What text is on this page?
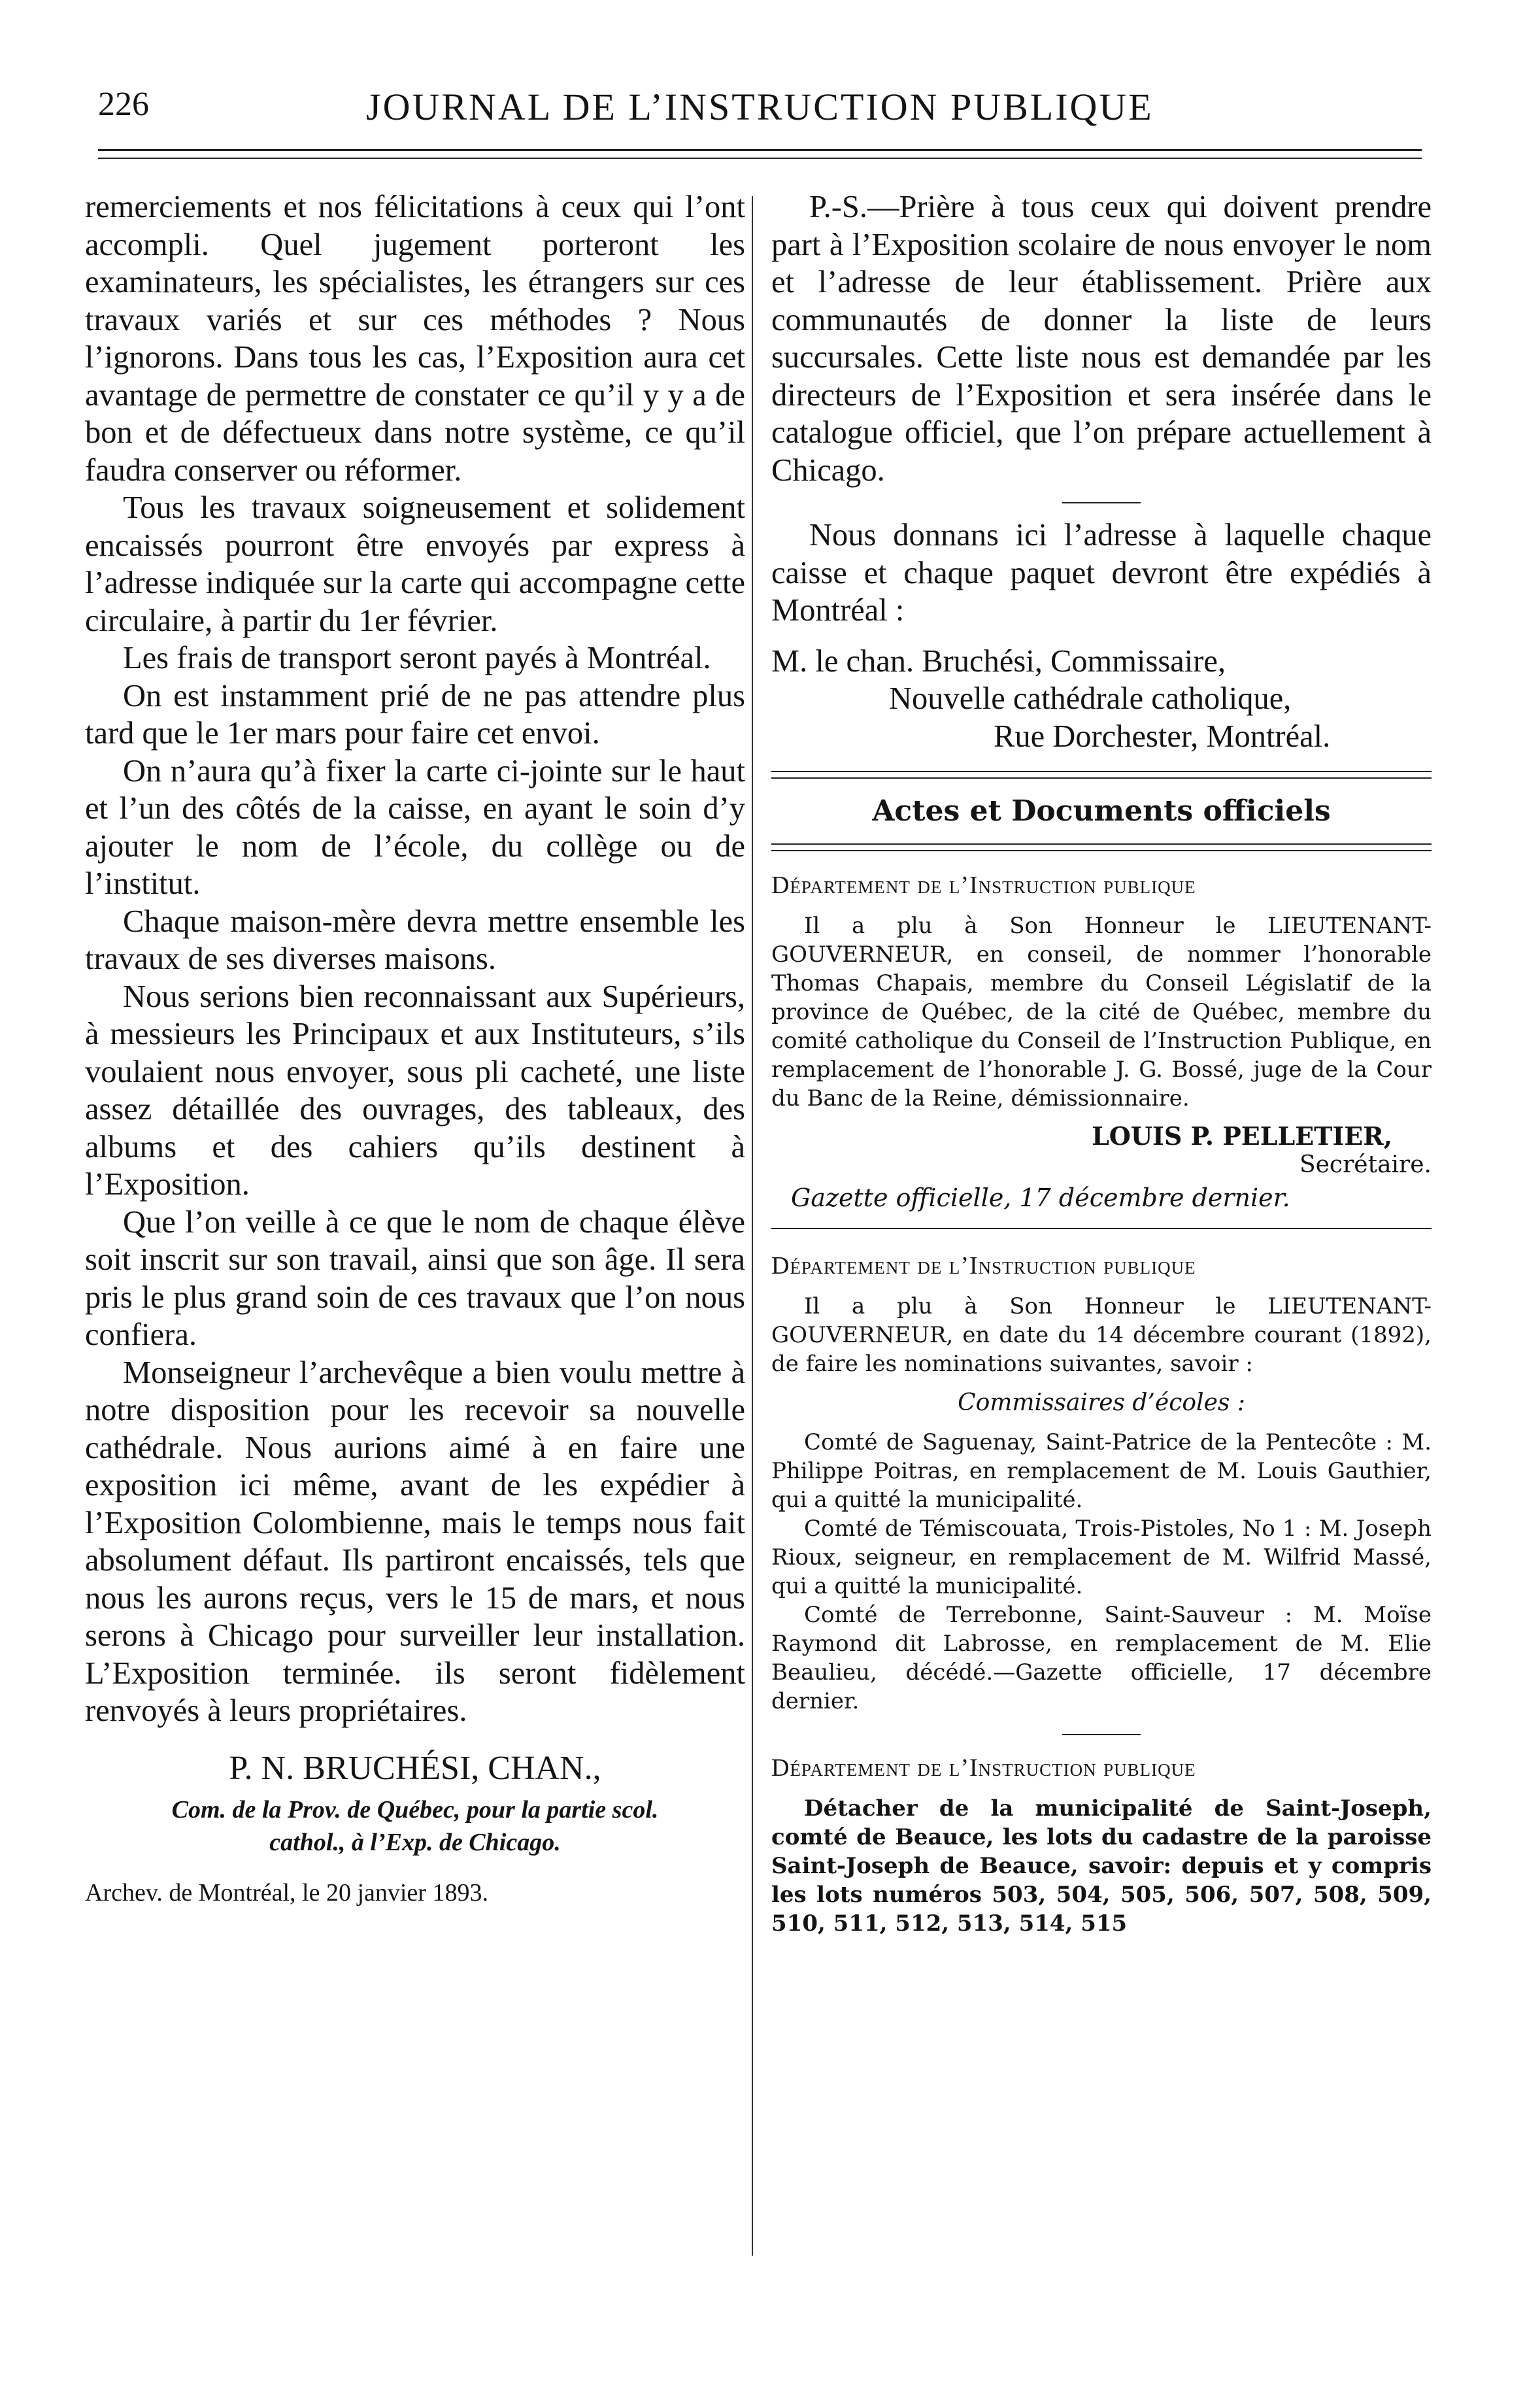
226	JOURNAL DE L’INSTRUCTION PUBLIQUE

remerciements et nos félicitations à ceux qui l’ont accompli. Quel jugement porteront les examinateurs, les spécialistes, les étrangers sur ces travaux variés et sur ces méthodes ? Nous l’ignorons. Dans tous les cas, l’Exposition aura cet avantage de permettre de constater ce qu’il y y a de bon et de défectueux dans notre système, ce qu’il faudra conserver ou réformer.

Tous les travaux soigneusement et solidement encaissés pourront être envoyés par express à l’adresse indiquée sur la carte qui accompagne cette circulaire, à partir du 1er février.

Les frais de transport seront payés à Montréal.

On est instamment prié de ne pas attendre plus tard que le 1er mars pour faire cet envoi.

On n’aura qu’à fixer la carte ci-jointe sur le haut et l’un des côtés de la caisse, en ayant le soin d’y ajouter le nom de l’école, du collège ou de l’institut.

Chaque maison-mère devra mettre ensemble les travaux de ses diverses maisons.

Nous serions bien reconnaissant aux Supérieurs, à messieurs les Principaux et aux Instituteurs, s’ils voulaient nous envoyer, sous pli cacheté, une liste assez détaillée des ouvrages, des tableaux, des albums et des cahiers qu’ils destinent à l’Exposition.

Que l’on veille à ce que le nom de chaque élève soit inscrit sur son travail, ainsi que son âge. Il sera pris le plus grand soin de ces travaux que l’on nous confiera.

Monseigneur l’archevêque a bien voulu mettre à notre disposition pour les recevoir sa nouvelle cathédrale. Nous aurions aimé à en faire une exposition ici même, avant de les expédier à l’Exposition Colombienne, mais le temps nous fait absolument défaut. Ils partiront encaissés, tels que nous les aurons reçus, vers le 15 de mars, et nous serons à Chicago pour surveiller leur installation. L’Exposition terminée. ils seront fidèlement renvoyés à leurs propriétaires.

P. N. BRUCHÉSI, CHAN.,
Com. de la Prov. de Québec, pour la partie scol.
cathol., à l’Exp. de Chicago.
Archev. de Montréal, le 20 janvier 1893.

P.-S.—Prière à tous ceux qui doivent prendre part à l’Exposition scolaire de nous envoyer le nom et l’adresse de leur établissement. Prière aux communautés de donner la liste de leurs succursales. Cette liste nous est demandée par les directeurs de l’Exposition et sera insérée dans le catalogue officiel, que l’on prépare actuellement à Chicago.

Nous donnans ici l’adresse à laquelle chaque caisse et chaque paquet devront être expédiés à Montréal :

M. le chan. Bruchési, Commissaire,
Nouvelle cathédrale catholique,
Rue Dorchester, Montréal.
Actes et Documents officiels
Département de l’Instruction publique

Il a plu à Son Honneur le LIEUTENANT-GOUVERNEUR, en conseil, de nommer l’honorable Thomas Chapais, membre du Conseil Législatif de la province de Québec, de la cité de Québec, membre du comité catholique du Conseil de l’Instruction Publique, en remplacement de l’honorable J. G. Bossé, juge de la Cour du Banc de la Reine, démissionnaire.

LOUIS P. PELLETIER,
Secrétaire.
Gazette officielle, 17 décembre dernier.
Département de l’Instruction publique

Il a plu à Son Honneur le LIEUTENANT-GOUVERNEUR, en date du 14 décembre courant (1892), de faire les nominations suivantes, savoir :

Commissaires d’écoles :

Comté de Saguenay, Saint-Patrice de la Pentecôte : M. Philippe Poitras, en remplacement de M. Louis Gauthier, qui a quitté la municipalité.

Comté de Témiscouata, Trois-Pistoles, No 1 : M. Joseph Rioux, seigneur, en remplacement de M. Wilfrid Massé, qui a quitté la municipalité.

Comté de Terrebonne, Saint-Sauveur : M. Moïse Raymond dit Labrosse, en remplacement de M. Elie Beaulieu, décédé.—Gazette officielle, 17 décembre dernier.

Département de l’Instruction publique

Détacher de la municipalité de Saint-Joseph, comté de Beauce, les lots du cadastre de la paroisse Saint-Joseph de Beauce, savoir: depuis et y compris les lots numéros 503, 504, 505, 506, 507, 508, 509, 510, 511, 512, 513, 514, 515
